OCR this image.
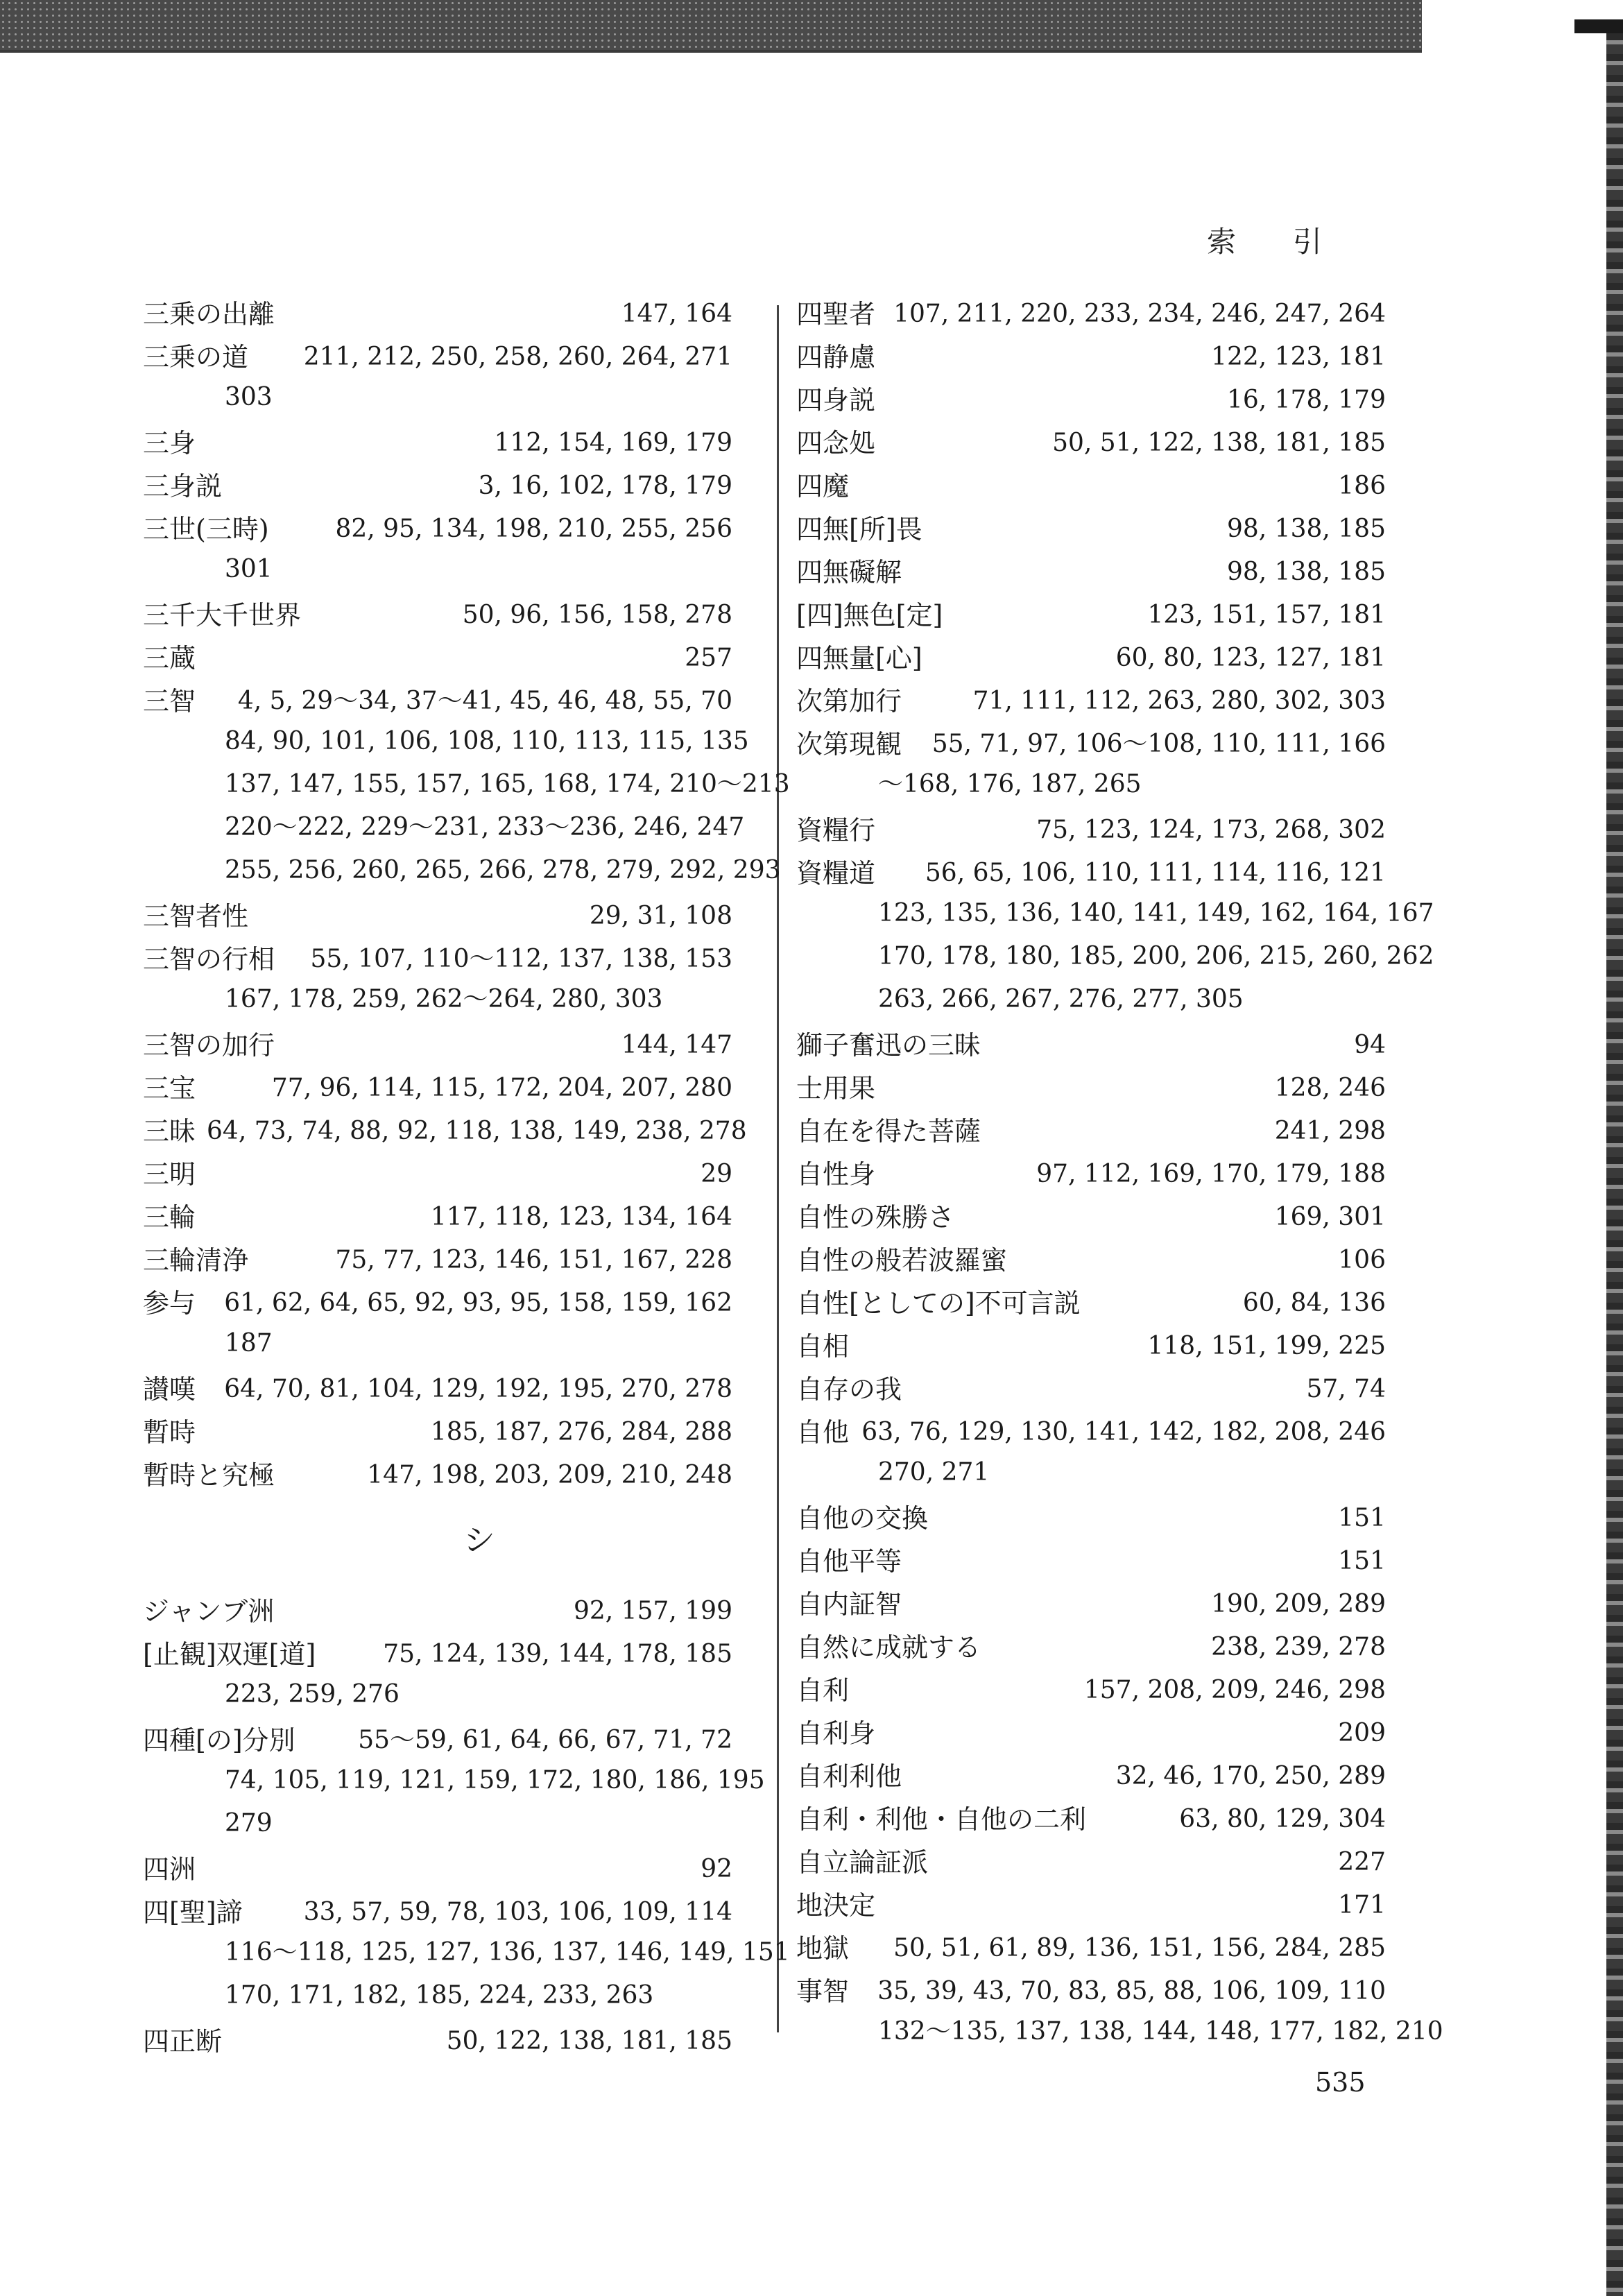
索 引
三乗の出離	147, 164
三乗の道	211, 212, 250, 258, 260, 264, 271
303
三身	112, 154, 169, 179
三身説	3, 16, 102, 178, 179
三世(三時)	82, 95, 134, 198, 210, 255, 256
301
三千大千世界	50, 96, 156, 158, 278
三蔵	257
三智	4, 5, 29～34, 37～41, 45, 46, 48, 55, 70
84, 90, 101, 106, 108, 110, 113, 115, 135
137, 147, 155, 157, 165, 168, 174, 210～213
220～222, 229～231, 233～236, 246, 247
255, 256, 260, 265, 266, 278, 279, 292, 293
三智者性	29, 31, 108
三智の行相	55, 107, 110～112, 137, 138, 153
167, 178, 259, 262～264, 280, 303
三智の加行	144, 147
三宝	77, 96, 114, 115, 172, 204, 207, 280
三昧 64, 73, 74, 88, 92, 118, 138, 149, 238, 278
三明	29
三輪	117, 118, 123, 134, 164
三輪清浄	75, 77, 123, 146, 151, 167, 228
参与	61, 62, 64, 65, 92, 93, 95, 158, 159, 162
187
讃嘆	64, 70, 81, 104, 129, 192, 195, 270, 278
暫時	185, 187, 276, 284, 288
暫時と究極	147, 198, 203, 209, 210, 248
シ
ジャンブ洲	92, 157, 199
[止観]双運[道]	75, 124, 139, 144, 178, 185
223, 259, 276
四種[の]分別	55～59, 61, 64, 66, 67, 71, 72
74, 105, 119, 121, 159, 172, 180, 186, 195
279
四洲	92
四[聖]諦	33, 57, 59, 78, 103, 106, 109, 114
116～118, 125, 127, 136, 137, 146, 149, 151
170, 171, 182, 185, 224, 233, 263
四正断	50, 122, 138, 181, 185
四聖者 107, 211, 220, 233, 234, 246, 247, 264
四静慮	122, 123, 181
四身説	16, 178, 179
四念処	50, 51, 122, 138, 181, 185
四魔	186
四無[所]畏	98, 138, 185
四無礙解	98, 138, 185
[四]無色[定]	123, 151, 157, 181
四無量[心]	60, 80, 123, 127, 181
次第加行	71, 111, 112, 263, 280, 302, 303
次第現観	55, 71, 97, 106～108, 110, 111, 166
～168, 176, 187, 265
資糧行	75, 123, 124, 173, 268, 302
資糧道	56, 65, 106, 110, 111, 114, 116, 121
123, 135, 136, 140, 141, 149, 162, 164, 167
170, 178, 180, 185, 200, 206, 215, 260, 262
263, 266, 267, 276, 277, 305
獅子奮迅の三昧	94
士用果	128, 246
自在を得た菩薩	241, 298
自性身	97, 112, 169, 170, 179, 188
自性の殊勝さ	169, 301
自性の般若波羅蜜	106
自性[としての]不可言説	60, 84, 136
自相	118, 151, 199, 225
自存の我	57, 74
自他 63, 76, 129, 130, 141, 142, 182, 208, 246
270, 271
自他の交換	151
自他平等	151
自内証智	190, 209, 289
自然に成就する	238, 239, 278
自利	157, 208, 209, 246, 298
自利身	209
自利利他	32, 46, 170, 250, 289
自利・利他・自他の二利	63, 80, 129, 304
自立論証派	227
地決定	171
地獄	50, 51, 61, 89, 136, 151, 156, 284, 285
事智	35, 39, 43, 70, 83, 85, 88, 106, 109, 110
132～135, 137, 138, 144, 148, 177, 182, 210
535
